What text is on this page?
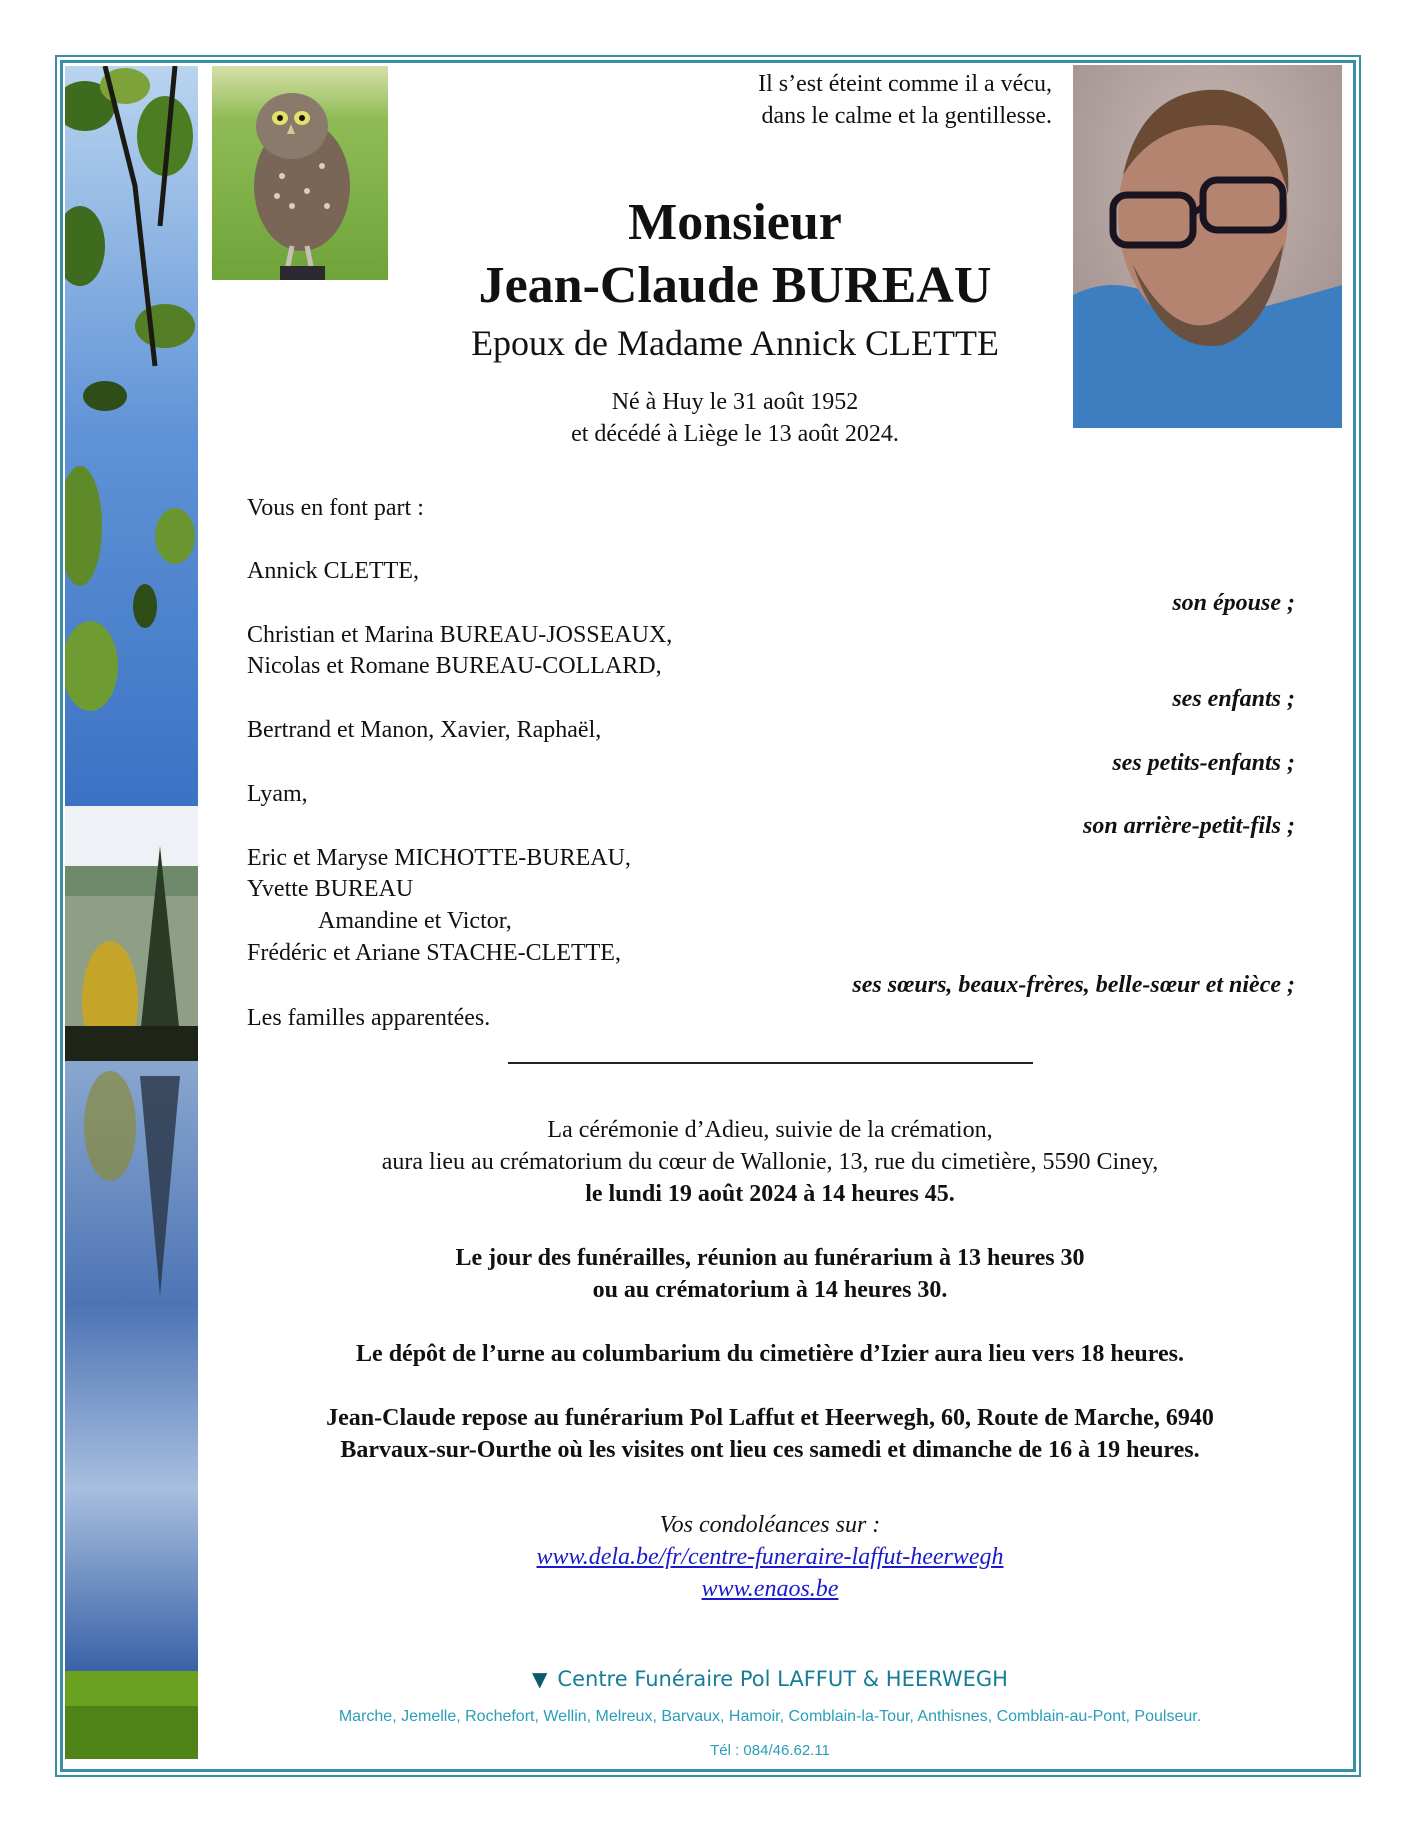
Il s’est éteint comme il a vécu,
dans le calme et la gentillesse.
Monsieur
Jean-Claude BUREAU
Epoux de Madame Annick CLETTE
Né à Huy le 31 août 1952
et décédé à Liège le 13 août 2024.
Vous en font part :
Annick CLETTE,
son épouse ;
Christian et Marina BUREAU-JOSSEAUX,
Nicolas et Romane BUREAU-COLLARD,
ses enfants ;
Bertrand et Manon, Xavier, Raphaël,
ses petits-enfants ;
Lyam,
son arrière-petit-fils ;
Eric et Maryse MICHOTTE-BUREAU,
Yvette BUREAU
Amandine et Victor,
Frédéric et Ariane STACHE-CLETTE,
ses sœurs, beaux-frères, belle-sœur et nièce ;
Les familles apparentées.
La cérémonie d’Adieu, suivie de la crémation,
aura lieu au crématorium du cœur de Wallonie, 13, rue du cimetière, 5590 Ciney,
le lundi 19 août 2024 à 14 heures 45.
Le jour des funérailles, réunion au funérarium à 13 heures 30
ou au crématorium à 14 heures 30.
Le dépôt de l’urne au columbarium du cimetière d’Izier aura lieu vers 18 heures.
Jean-Claude repose au funérarium Pol Laffut et Heerwegh, 60, Route de Marche, 6940
Barvaux-sur-Ourthe où les visites ont lieu ces samedi et dimanche de 16 à 19 heures.
Vos condoléances sur :
www.dela.be/fr/centre-funeraire-laffut-heerwegh
www.enaos.be
▼ Centre Funéraire Pol LAFFUT & HEERWEGH
Marche, Jemelle, Rochefort, Wellin, Melreux, Barvaux, Hamoir, Comblain-la-Tour, Anthisnes, Comblain-au-Pont, Poulseur.
Tél : 084/46.62.11
